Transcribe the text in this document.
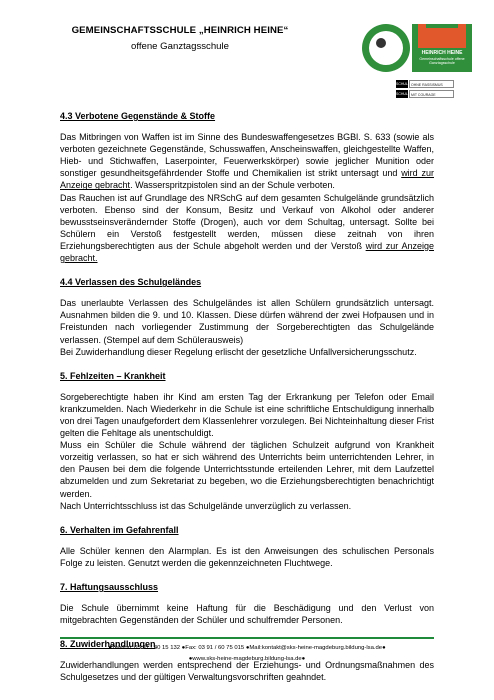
GEMEINSCHAFTSSCHULE „HEINRICH HEINE“
offene Ganztagsschule
HEINRICH HEINE
Gemeinschaftsschule offene Ganztagsschule
SCHULE OHNE RASSISMUS
SCHULE MIT COURAGE
4.3 Verbotene Gegenstände & Stoffe

Das Mitbringen von Waffen ist im Sinne des Bundeswaffengesetzes BGBl. S. 633 (sowie als verboten gezeichnete Gegenstände, Schusswaffen, Anscheinswaffen, gleichgestellte Waffen, Hieb- und Stichwaffen, Laserpointer, Feuerwerkskörper) sowie jeglicher Munition oder sonstiger gesundheitsgefährdender Stoffe und Chemikalien ist strikt untersagt und wird zur Anzeige gebracht. Wasserspritzpistolen sind an der Schule verboten.

Das Rauchen ist auf Grundlage des NRSchG auf dem gesamten Schulgelände grundsätzlich verboten. Ebenso sind der Konsum, Besitz und Verkauf von Alkohol oder anderer bewusstseinsverändernder Stoffe (Drogen), auch vor dem Schultag, untersagt. Sollte bei Schülern ein Verstoß festgestellt werden, müssen diese zeitnah von ihren Erziehungsberechtigten aus der Schule abgeholt werden und der Verstoß wird zur Anzeige gebracht.

4.4 Verlassen des Schulgeländes

Das unerlaubte Verlassen des Schulgeländes ist allen Schülern grundsätzlich untersagt. Ausnahmen bilden die 9. und 10. Klassen. Diese dürfen während der zwei Hofpausen und in Freistunden nach vorliegender Zustimmung der Sorgeberechtigten das Schulgelände verlassen. (Stempel auf dem Schülerausweis)

Bei Zuwiderhandlung dieser Regelung erlischt der gesetzliche Unfallversicherungsschutz.

5. Fehlzeiten – Krankheit

Sorgeberechtigte haben ihr Kind am ersten Tag der Erkrankung per Telefon oder Email krankzumelden. Nach Wiederkehr in die Schule ist eine schriftliche Entschuldigung innerhalb von drei Tagen unaufgefordert dem Klassenlehrer vorzulegen. Bei Nichteinhaltung dieser Frist gelten die Fehltage als unentschuldigt.

Muss ein Schüler die Schule während der täglichen Schulzeit aufgrund von Krankheit vorzeitig verlassen, so hat er sich während des Unterrichts beim unterrichtenden Lehrer, in den Pausen bei dem die folgende Unterrichtsstunde erteilenden Lehrer, mit dem Laufzettel abzumelden und zum Sekretariat zu begeben, wo die Erziehungsberechtigten benachrichtigt werden.

Nach Unterrichtsschluss ist das Schulgelände unverzüglich zu verlassen.

6. Verhalten im Gefahrenfall

Alle Schüler kennen den Alarmplan. Es ist den Anweisungen des schulischen Personals Folge zu leisten. Genutzt werden die gekennzeichneten Fluchtwege.

7. Haftungsausschluss

Die Schule übernimmt keine Haftung für die Beschädigung und den Verlust von mitgebrachten Gegenständen der Schüler und schulfremder Personen.

8. Zuwiderhandlungen

Zuwiderhandlungen werden entsprechend der Erziehungs- und Ordnungsmaßnahmen des Schulgesetzes und der gültigen Verwaltungsvorschriften geahndet.

●Telefon: 03 91 / 40 15 132 ●Fax: 03 91 / 60 75 015 ●Mail:kontakt@sks-heine-magdeburg.bildung-lsa.de●
●www.sks-heine-magdeburg.bildung-lsa.de●
